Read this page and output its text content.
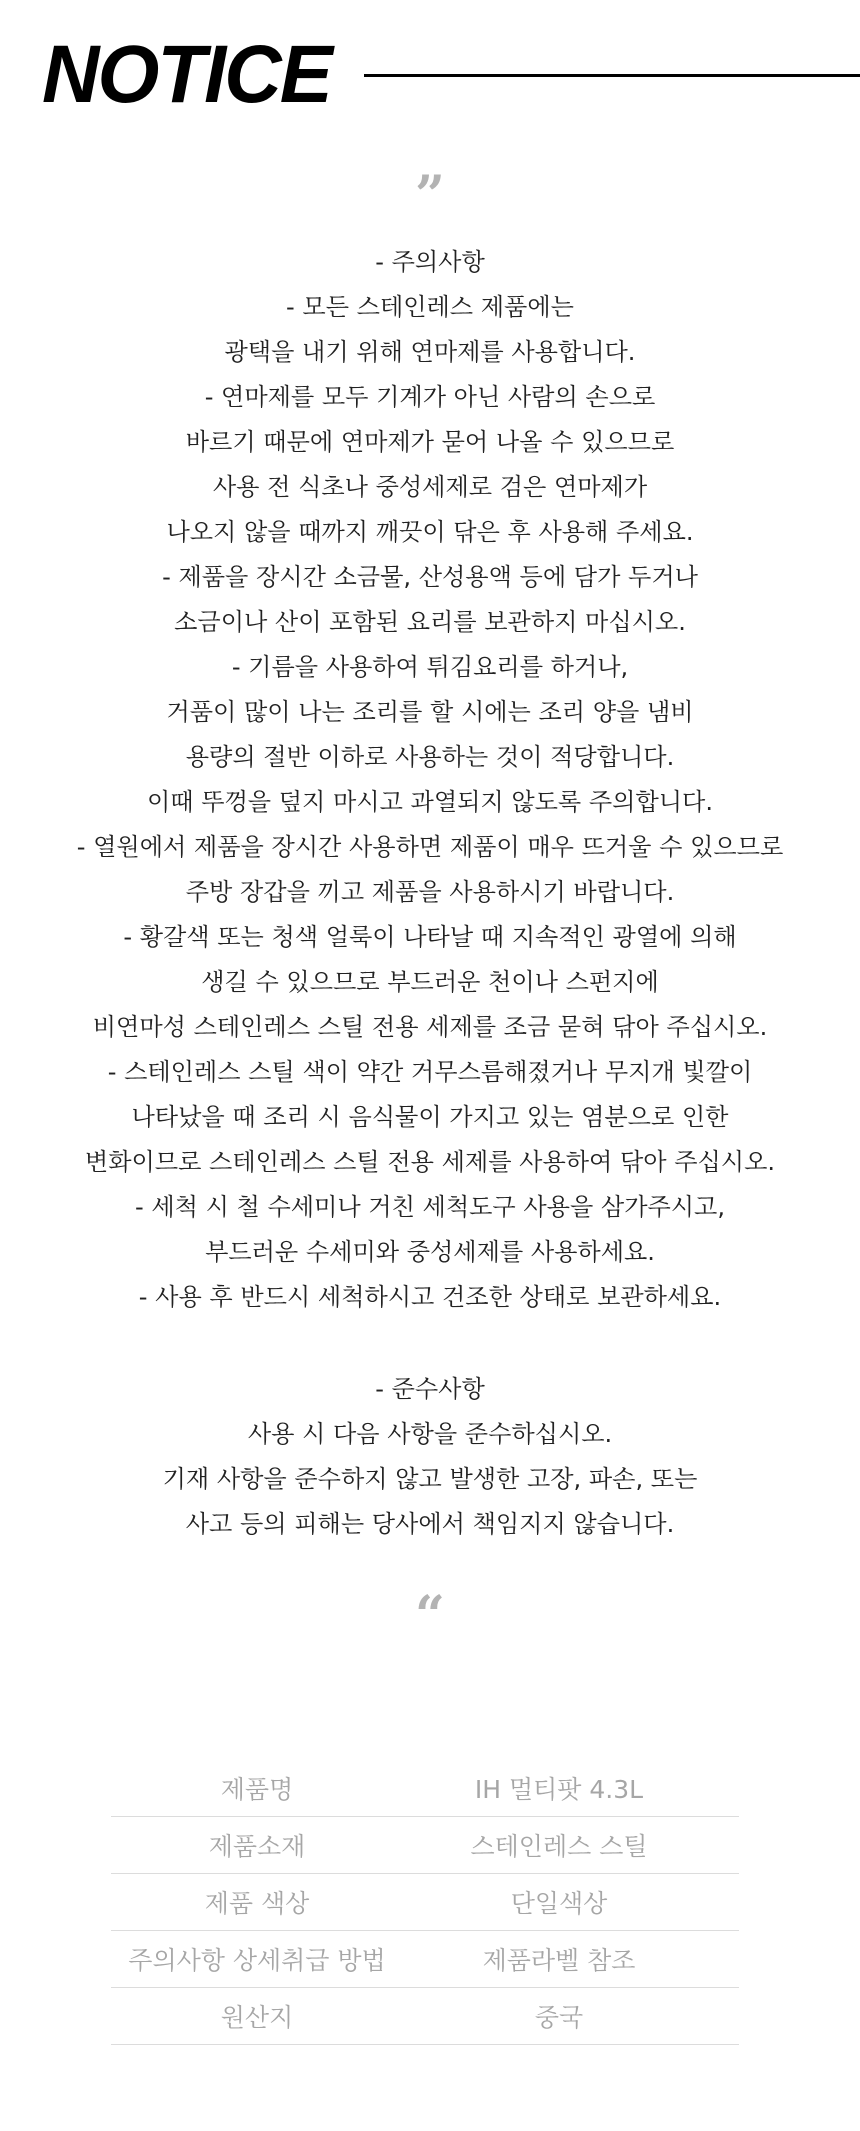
NOTICE
”
- 주의사항
- 모든 스테인레스 제품에는
광택을 내기 위해 연마제를 사용합니다.
- 연마제를 모두 기계가 아닌 사람의 손으로
바르기 때문에 연마제가 묻어 나올 수 있으므로
사용 전 식초나 중성세제로 검은 연마제가
나오지 않을 때까지 깨끗이 닦은 후 사용해 주세요.
- 제품을 장시간 소금물, 산성용액 등에 담가 두거나
소금이나 산이 포함된 요리를 보관하지 마십시오.
- 기름을 사용하여 튀김요리를 하거나,
거품이 많이 나는 조리를 할 시에는 조리 양을 냄비
용량의 절반 이하로 사용하는 것이 적당합니다.
이때 뚜껑을 덮지 마시고 과열되지 않도록 주의합니다.
- 열원에서 제품을 장시간 사용하면 제품이 매우 뜨거울 수 있으므로
주방 장갑을 끼고 제품을 사용하시기 바랍니다.
- 황갈색 또는 청색 얼룩이 나타날 때 지속적인 광열에 의해
생길 수 있으므로 부드러운 천이나 스펀지에
비연마성 스테인레스 스틸 전용 세제를 조금 묻혀 닦아 주십시오.
- 스테인레스 스틸 색이 약간 거무스름해졌거나 무지개 빛깔이
나타났을 때 조리 시 음식물이 가지고 있는 염분으로 인한
변화이므로 스테인레스 스틸 전용 세제를 사용하여 닦아 주십시오.
- 세척 시 철 수세미나 거친 세척도구 사용을 삼가주시고,
부드러운 수세미와 중성세제를 사용하세요.
- 사용 후 반드시 세척하시고 건조한 상태로 보관하세요.
- 준수사항
사용 시 다음 사항을 준수하십시오.
기재 사항을 준수하지 않고 발생한 고장, 파손, 또는
사고 등의 피해는 당사에서 책임지지 않습니다.
“
제품명	IH 멀티팟 4.3L
제품소재	스테인레스 스틸
제품 색상	단일색상
주의사항 상세취급 방법	제품라벨 참조
원산지	중국
